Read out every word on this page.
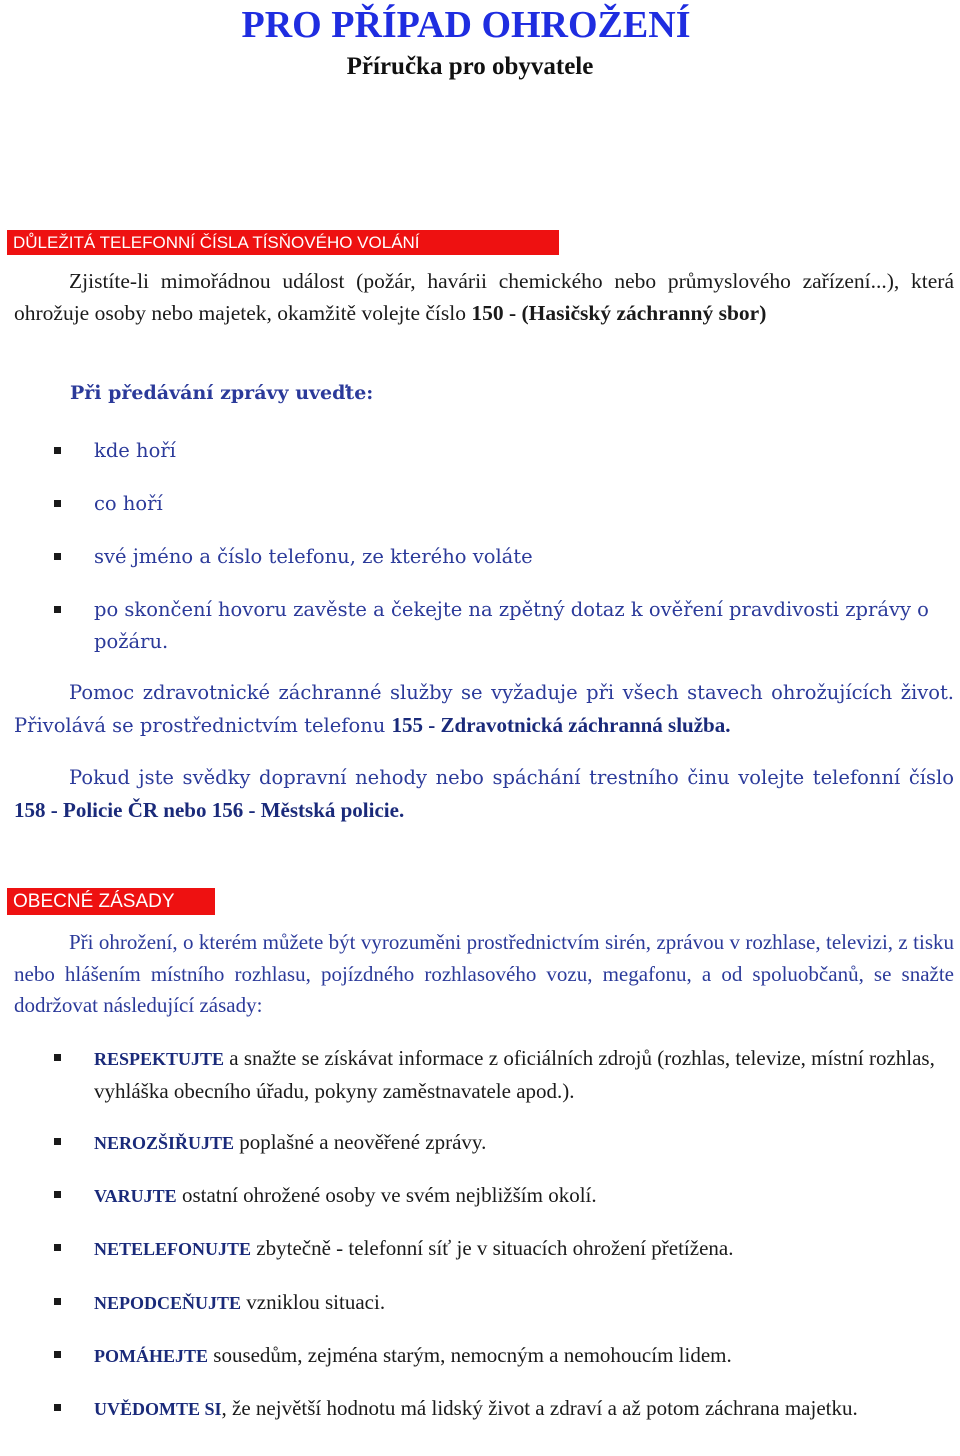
PRO PŘÍPAD OHROŽENÍ
Příručka pro obyvatele
DŮLEŽITÁ TELEFONNÍ ČÍSLA TÍSŇOVÉHO VOLÁNÍ

Zjistíte-li mimořádnou událost (požár, havárii chemického nebo průmyslového zařízení...), která ohrožuje osoby nebo majetek, okamžitě volejte číslo 150 - (Hasičský záchranný sbor)

Při předávání zprávy uveďte:
kde hoří
co hoří
své jméno a číslo telefonu, ze kterého voláte
po skončení hovoru zavěste a čekejte na zpětný dotaz k ověření pravdivosti zprávy o požáru.

Pomoc zdravotnické záchranné služby se vyžaduje při všech stavech ohrožujících život. Přivolává se prostřednictvím telefonu 155 - Zdravotnická záchranná služba.

Pokud jste svědky dopravní nehody nebo spáchání trestního činu volejte telefonní číslo 158 - Policie ČR nebo 156 - Městská policie.

OBECNÉ ZÁSADY

Při ohrožení, o kterém můžete být vyrozuměni prostřednictvím sirén, zprávou v rozhlase, televizi, z tisku nebo hlášením místního rozhlasu, pojízdného rozhlasového vozu, megafonu, a od spoluobčanů, se snažte dodržovat následující zásady:

RESPEKTUJTE a snažte se získávat informace z oficiálních zdrojů (rozhlas, televize, místní rozhlas, vyhláška obecního úřadu, pokyny zaměstnavatele apod.).
NEROZŠIŘUJTE poplašné a neověřené zprávy.
VARUJTE ostatní ohrožené osoby ve svém nejbližším okolí.
NETELEFONUJTE zbytečně - telefonní síť je v situacích ohrožení přetížena.
NEPODCEŇUJTE vzniklou situaci.
POMÁHEJTE sousedům, zejména starým, nemocným a nemohoucím lidem.
UVĚDOMTE SI, že největší hodnotu má lidský život a zdraví a až potom záchrana majetku.
